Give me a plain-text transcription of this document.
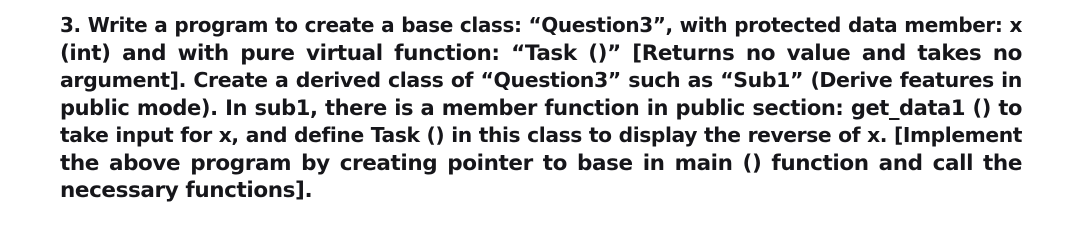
3. Write a program to create a base class: “Question3”, with protected data member: x
(int) and with pure virtual function: “Task ()” [Returns no value and takes no
argument]. Create a derived class of “Question3” such as “Sub1” (Derive features in
public mode). In sub1, there is a member function in public section: get_data1 () to
take input for x, and define Task () in this class to display the reverse of x. [Implement
the above program by creating pointer to base in main () function and call the
necessary functions].
